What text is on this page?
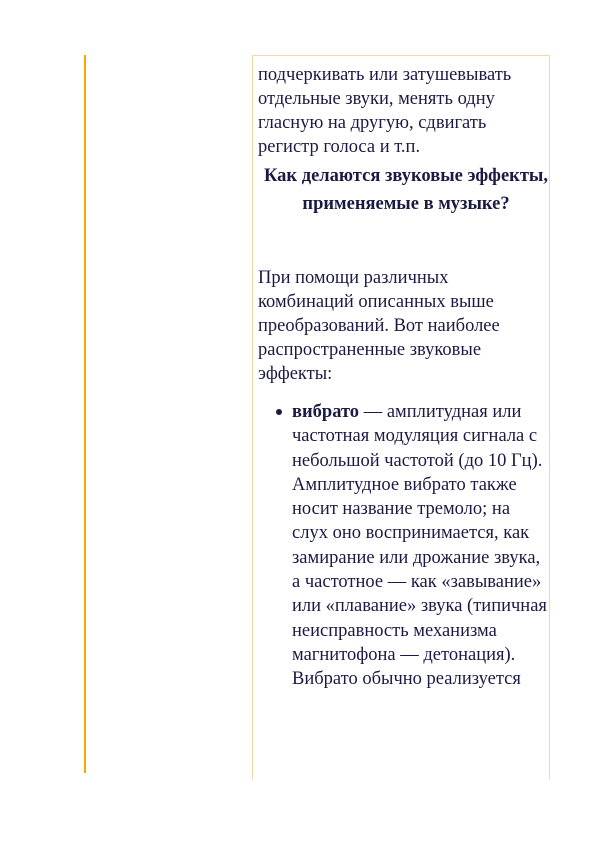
подчеркивать или затушевывать отдельные звуки, менять одну гласную на другую, сдвигать регистр голоса и т.п.

Как делаются звуковые эффекты, применяемые в музыке?

При помощи различных комбинаций описанных выше преобразований. Вот наиболее распространенные звуковые эффекты:

вибрато — амплитудная или частотная модуляция сигнала с небольшой частотой (до 10 Гц). Амплитудное вибрато также носит название тремоло; на слух оно воспринимается, как замирание или дрожание звука, а частотное — как «завывание» или «плавание» звука (типичная неисправность механизма магнитофона — детонация). Вибрато обычно реализуется
